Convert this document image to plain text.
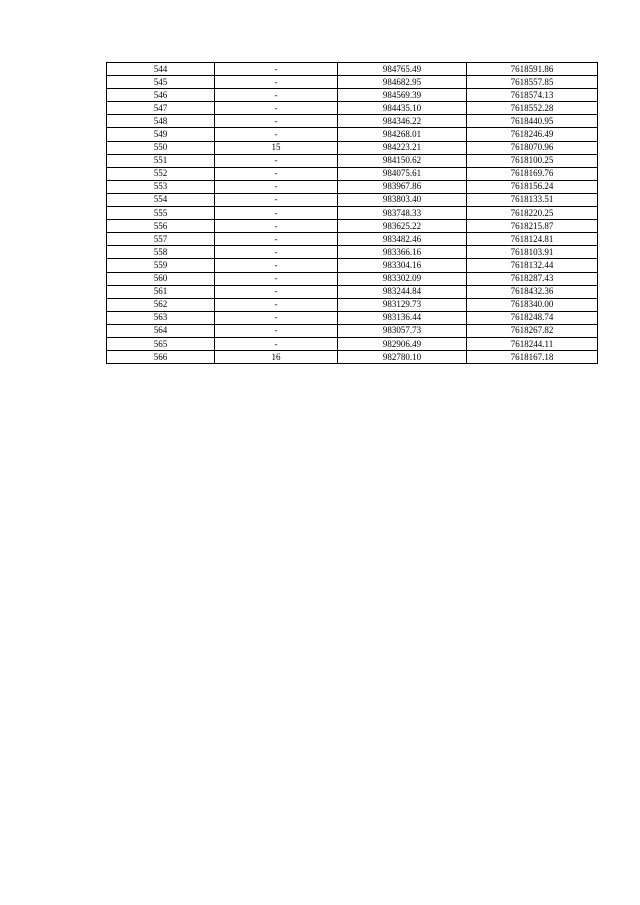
544	-	984765.49	7618591.86
545	-	984682.95	7618557.85
546	-	984569.39	7618574.13
547	-	984435.10	7618552.28
548	-	984346.22	7618440.95
549	-	984268.01	7618246.49
550	15	984223.21	7618070.96
551	-	984150.62	7618100.25
552	-	984075.61	7618169.76
553	-	983967.86	7618156.24
554	-	983803.40	7618133.51
555	-	983748.33	7618220.25
556	-	983625.22	7618215.87
557	-	983482.46	7618124.81
558	-	983366.16	7618103.91
559	-	983304.16	7618132.44
560	-	983302.09	7618287.43
561	-	983244.84	7618432.36
562	-	983129.73	7618340.00
563	-	983136.44	7618248.74
564	-	983057.73	7618267.82
565	-	982906.49	7618244.11
566	16	982780.10	7618167.18
